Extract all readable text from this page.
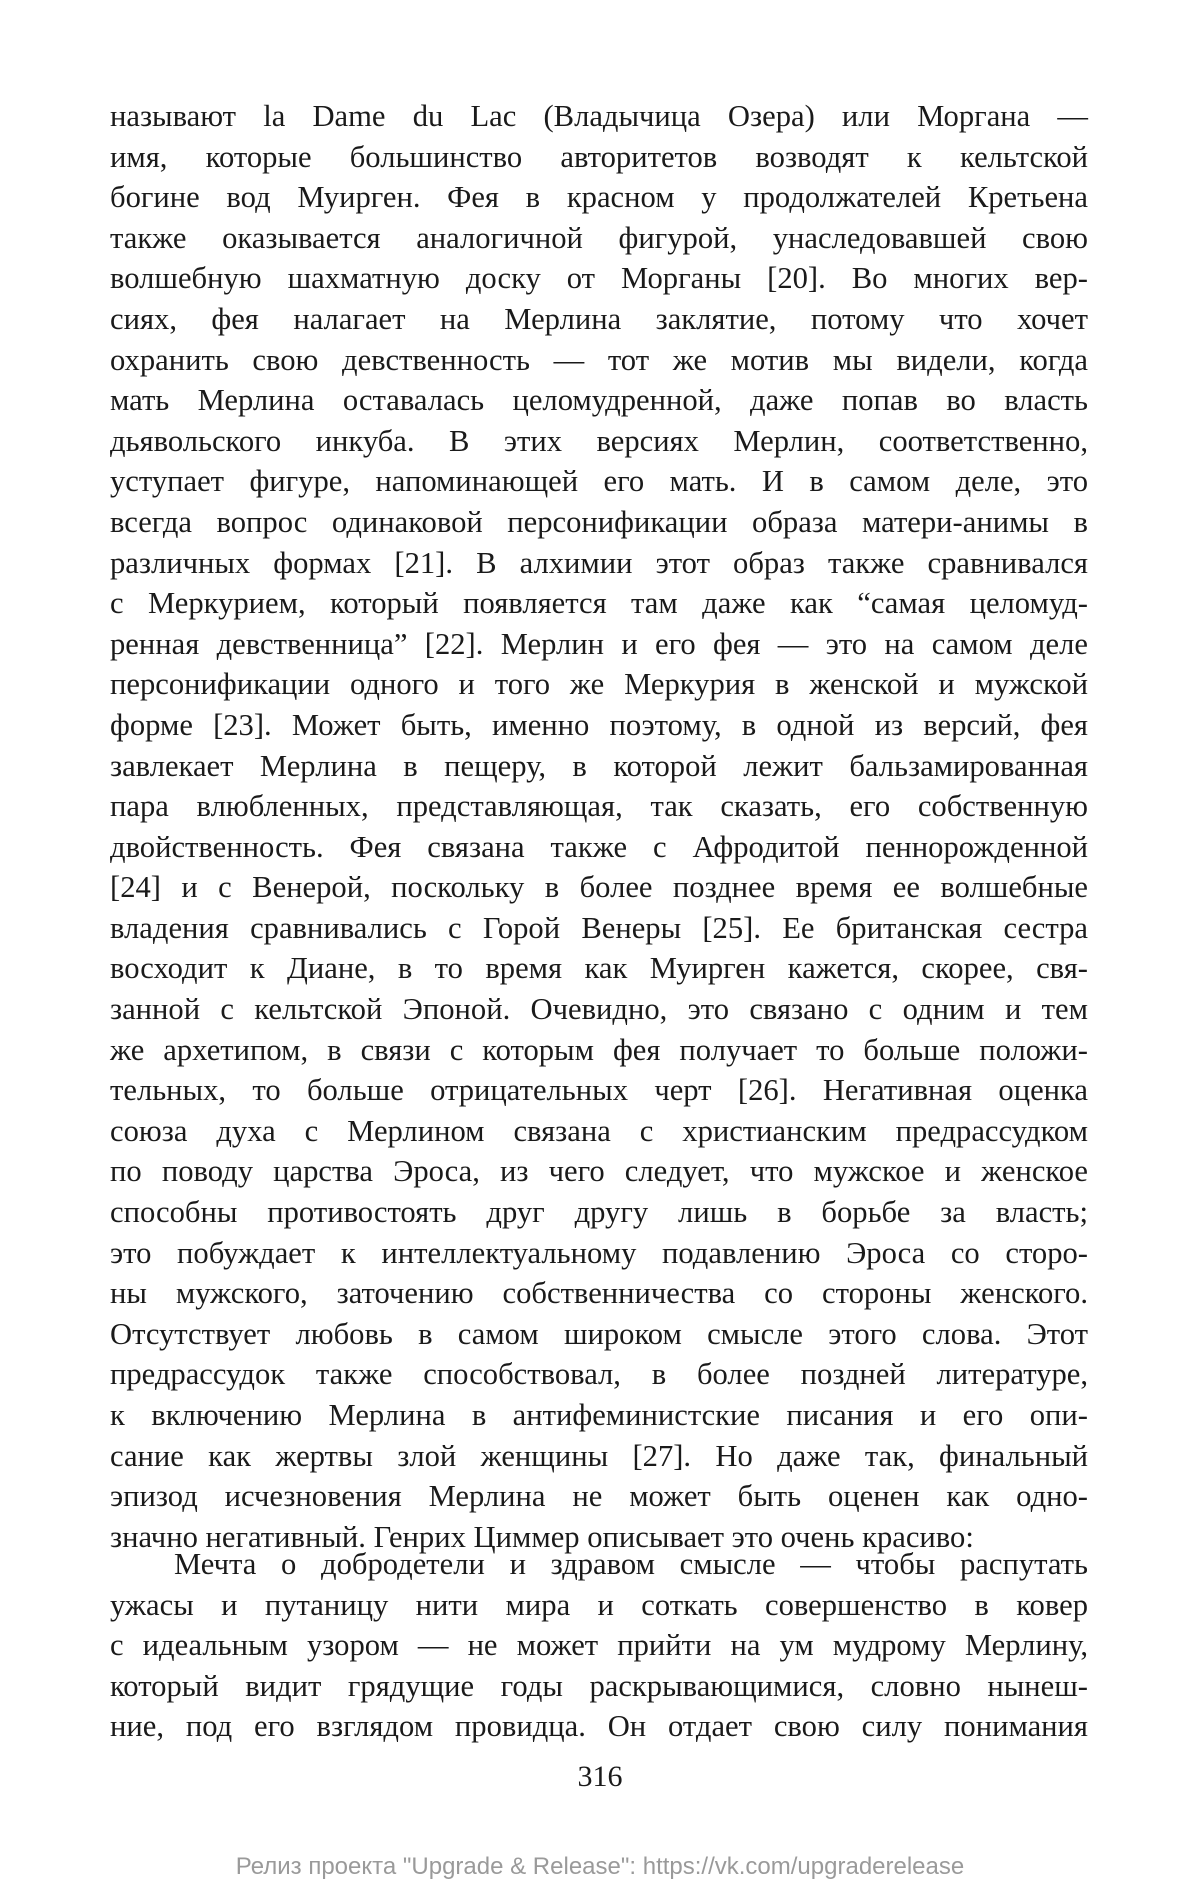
называют la Dame du Lac (Владычица Озера) или Моргана —
имя, которые большинство авторитетов возводят к кельтской
богине вод Муирген. Фея в красном у продолжателей Кретьена
также оказывается аналогичной фигурой, унаследовавшей свою
волшебную шахматную доску от Морганы [20]. Во многих вер-
сиях, фея налагает на Мерлина заклятие, потому что хочет
охранить свою девственность — тот же мотив мы видели, когда
мать Мерлина оставалась целомудренной, даже попав во власть
дьявольского инкуба. В этих версиях Мерлин, соответственно,
уступает фигуре, напоминающей его мать. И в самом деле, это
всегда вопрос одинаковой персонификации образа матери-анимы в
различных формах [21]. В алхимии этот образ также сравнивался
с Меркурием, который появляется там даже как “самая целомуд-
ренная девственница” [22]. Мерлин и его фея — это на самом деле
персонификации одного и того же Меркурия в женской и мужской
форме [23]. Может быть, именно поэтому, в одной из версий, фея
завлекает Мерлина в пещеру, в которой лежит бальзамированная
пара влюбленных, представляющая, так сказать, его собственную
двойственность. Фея связана также с Афродитой пеннорожденной
[24] и с Венерой, поскольку в более позднее время ее волшебные
владения сравнивались с Горой Венеры [25]. Ее британская сестра
восходит к Диане, в то время как Муирген кажется, скорее, свя-
занной с кельтской Эпоной. Очевидно, это связано с одним и тем
же архетипом, в связи с которым фея получает то больше положи-
тельных, то больше отрицательных черт [26]. Негативная оценка
союза духа с Мерлином связана с христианским предрассудком
по поводу царства Эроса, из чего следует, что мужское и женское
способны противостоять друг другу лишь в борьбе за власть;
это побуждает к интеллектуальному подавлению Эроса со сторо-
ны мужского, заточению собственничества со стороны женского.
Отсутствует любовь в самом широком смысле этого слова. Этот
предрассудок также способствовал, в более поздней литературе,
к включению Мерлина в антифеминистские писания и его опи-
сание как жертвы злой женщины [27]. Но даже так, финальный
эпизод исчезновения Мерлина не может быть оценен как одно-
значно негативный. Генрих Циммер описывает это очень красиво:
Мечта о добродетели и здравом смысле — чтобы распутать
ужасы и путаницу нити мира и соткать совершенство в ковер
с идеальным узором — не может прийти на ум мудрому Мерлину,
который видит грядущие годы раскрывающимися, словно нынеш-
ние, под его взглядом провидца. Он отдает свою силу понимания
316
Релиз проекта "Upgrade & Release": https://vk.com/upgraderelease
